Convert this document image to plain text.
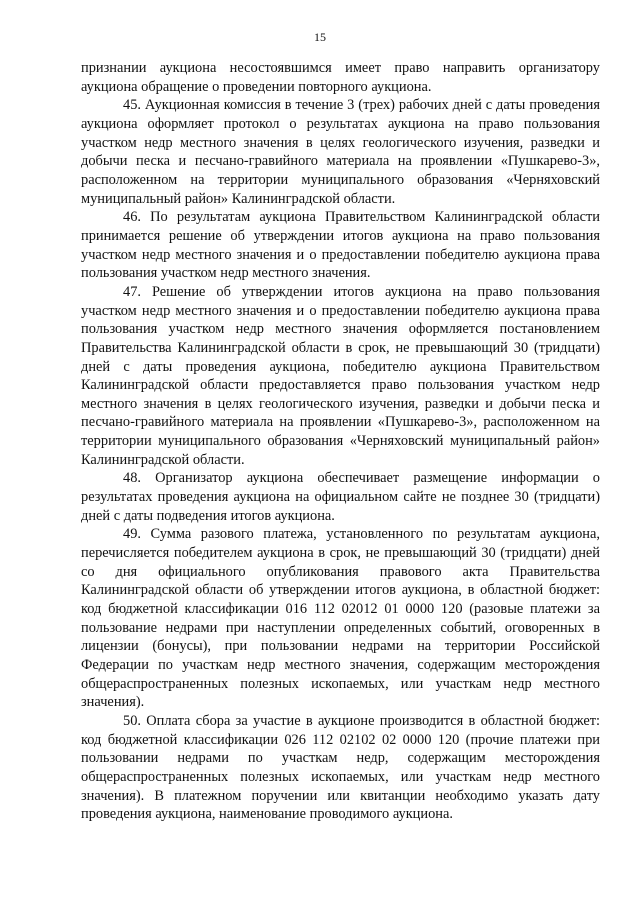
15

признании аукциона несостоявшимся имеет право направить организатору аукциона обращение о проведении повторного аукциона.

45. Аукционная комиссия в течение 3 (трех) рабочих дней с даты проведения аукциона оформляет протокол о результатах аукциона на право пользования участком недр местного значения в целях геологического изучения, разведки и добычи песка и песчано-гравийного материала на проявлении «Пушкарево-3», расположенном на территории муниципального образования «Черняховский муниципальный район» Калининградской области.

46. По результатам аукциона Правительством Калининградской области принимается решение об утверждении итогов аукциона на право пользования участком недр местного значения и о предоставлении победителю аукциона права пользования участком недр местного значения.

47. Решение об утверждении итогов аукциона на право пользования участком недр местного значения и о предоставлении победителю аукциона права пользования участком недр местного значения оформляется постановлением Правительства Калининградской области в срок, не превышающий 30 (тридцати) дней с даты проведения аукциона, победителю аукциона Правительством Калининградской области предоставляется право пользования участком недр местного значения в целях геологического изучения, разведки и добычи песка и песчано-гравийного материала на проявлении «Пушкарево-3», расположенном на территории муниципального образования «Черняховский муниципальный район» Калининградской области.

48. Организатор аукциона обеспечивает размещение информации о результатах проведения аукциона на официальном сайте не позднее 30 (тридцати) дней с даты подведения итогов аукциона.

49. Сумма разового платежа, установленного по результатам аукциона, перечисляется победителем аукциона в срок, не превышающий 30 (тридцати) дней со дня официального опубликования правового акта Правительства Калининградской области об утверждении итогов аукциона, в областной бюджет: код бюджетной классификации 016 112 02012 01 0000 120 (разовые платежи за пользование недрами при наступлении определенных событий, оговоренных в лицензии (бонусы), при пользовании недрами на территории Российской Федерации по участкам недр местного значения, содержащим месторождения общераспространенных полезных ископаемых, или участкам недр местного значения).

50. Оплата сбора за участие в аукционе производится в областной бюджет: код бюджетной классификации 026 112 02102 02 0000 120 (прочие платежи при пользовании недрами по участкам недр, содержащим месторождения общераспространенных полезных ископаемых, или участкам недр местного значения). В платежном поручении или квитанции необходимо указать дату проведения аукциона, наименование проводимого аукциона.
